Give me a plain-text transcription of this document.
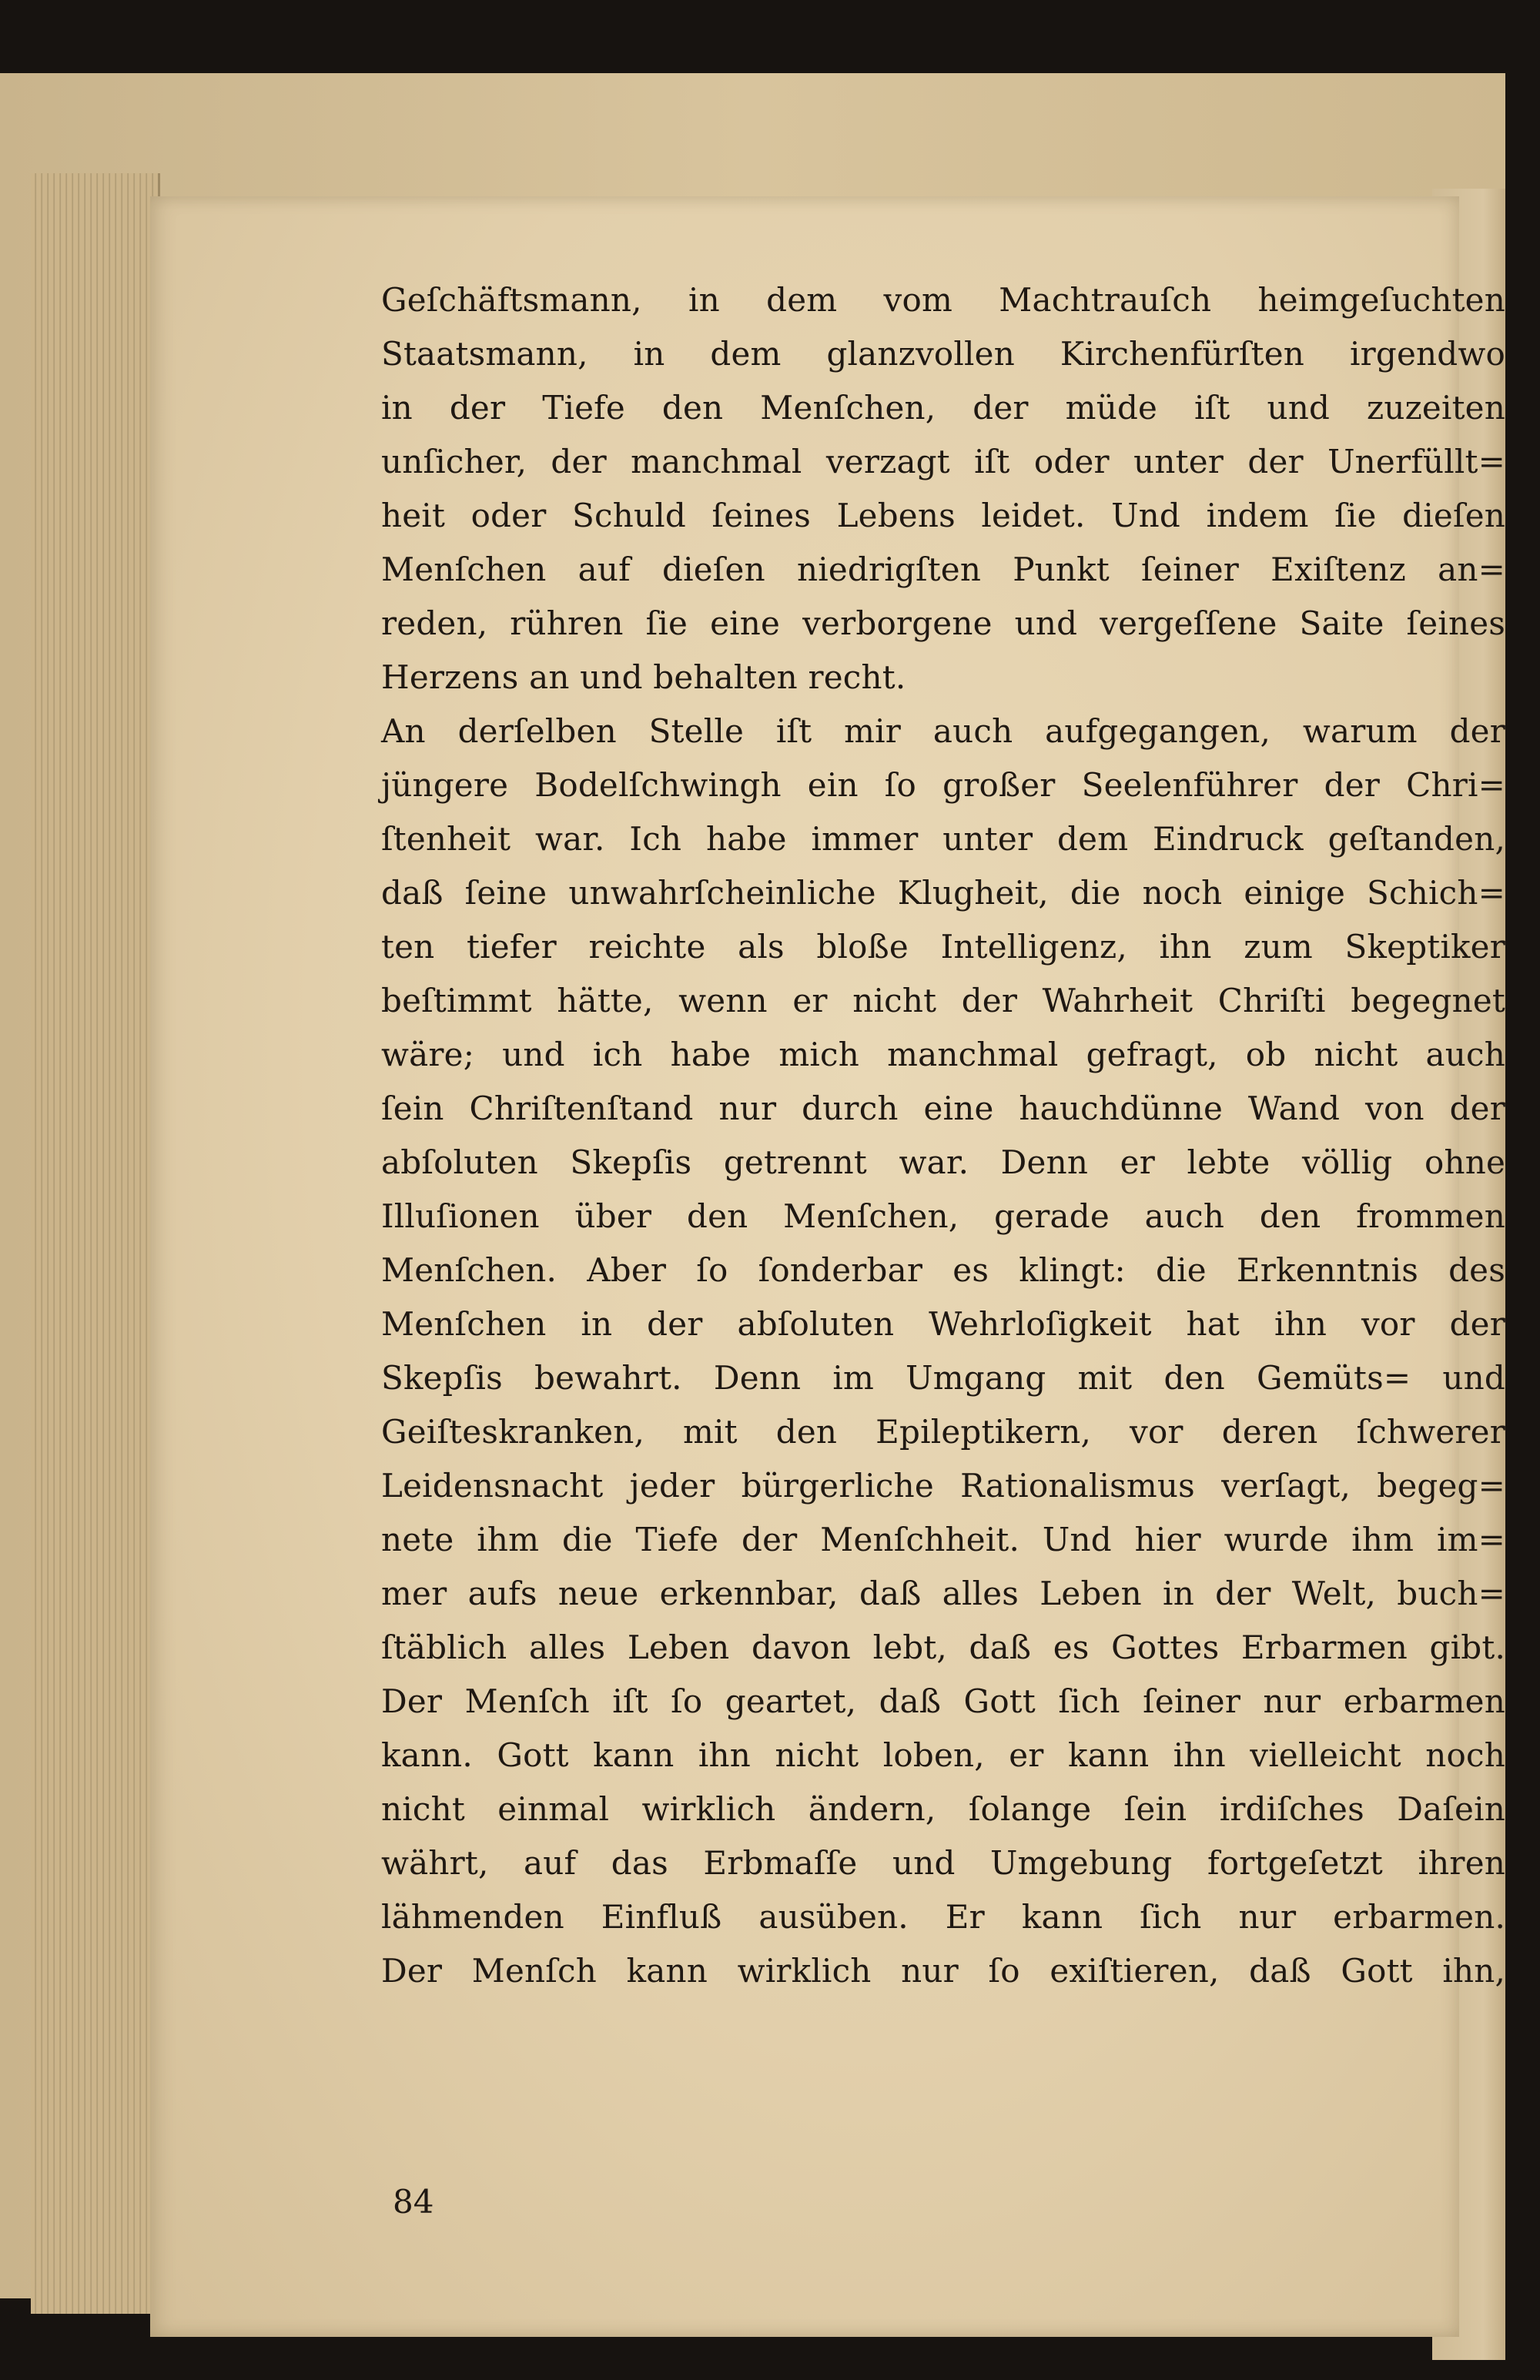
Geſchäftsmann, in dem vom Machtrauſch heimgeſuchten

Staatsmann, in dem glanzvollen Kirchenfürſten irgendwo

in der Tiefe den Menſchen, der müde iſt und zuzeiten

unſicher, der manchmal verzagt iſt oder unter der Unerfüllt=

heit oder Schuld ſeines Lebens leidet. Und indem ſie dieſen

Menſchen auf dieſen niedrigſten Punkt ſeiner Exiſtenz an=

reden, rühren ſie eine verborgene und vergeſſene Saite ſeines

Herzens an und behalten recht.

An derſelben Stelle iſt mir auch aufgegangen, warum der

jüngere Bodelſchwingh ein ſo großer Seelenführer der Chri=

ſtenheit war. Ich habe immer unter dem Eindruck geſtanden,

daß ſeine unwahrſcheinliche Klugheit, die noch einige Schich=

ten tiefer reichte als bloße Intelligenz, ihn zum Skeptiker

beſtimmt hätte, wenn er nicht der Wahrheit Chriſti begegnet

wäre; und ich habe mich manchmal gefragt, ob nicht auch

ſein Chriſtenſtand nur durch eine hauchdünne Wand von der

abſoluten Skepſis getrennt war. Denn er lebte völlig ohne

Illuſionen über den Menſchen, gerade auch den frommen

Menſchen. Aber ſo ſonderbar es klingt: die Erkenntnis des

Menſchen in der abſoluten Wehrloſigkeit hat ihn vor der

Skepſis bewahrt. Denn im Umgang mit den Gemüts= und

Geiſteskranken, mit den Epileptikern, vor deren ſchwerer

Leidensnacht jeder bürgerliche Rationalismus verſagt, begeg=

nete ihm die Tiefe der Menſchheit. Und hier wurde ihm im=

mer aufs neue erkennbar, daß alles Leben in der Welt, buch=

ſtäblich alles Leben davon lebt, daß es Gottes Erbarmen gibt.

Der Menſch iſt ſo geartet, daß Gott ſich ſeiner nur erbarmen

kann. Gott kann ihn nicht loben, er kann ihn vielleicht noch

nicht einmal wirklich ändern, ſolange ſein irdiſches Daſein

währt, auf das Erbmaſſe und Umgebung fortgeſetzt ihren

lähmenden Einfluß ausüben. Er kann ſich nur erbarmen.

Der Menſch kann wirklich nur ſo exiſtieren, daß Gott ihn,

84
